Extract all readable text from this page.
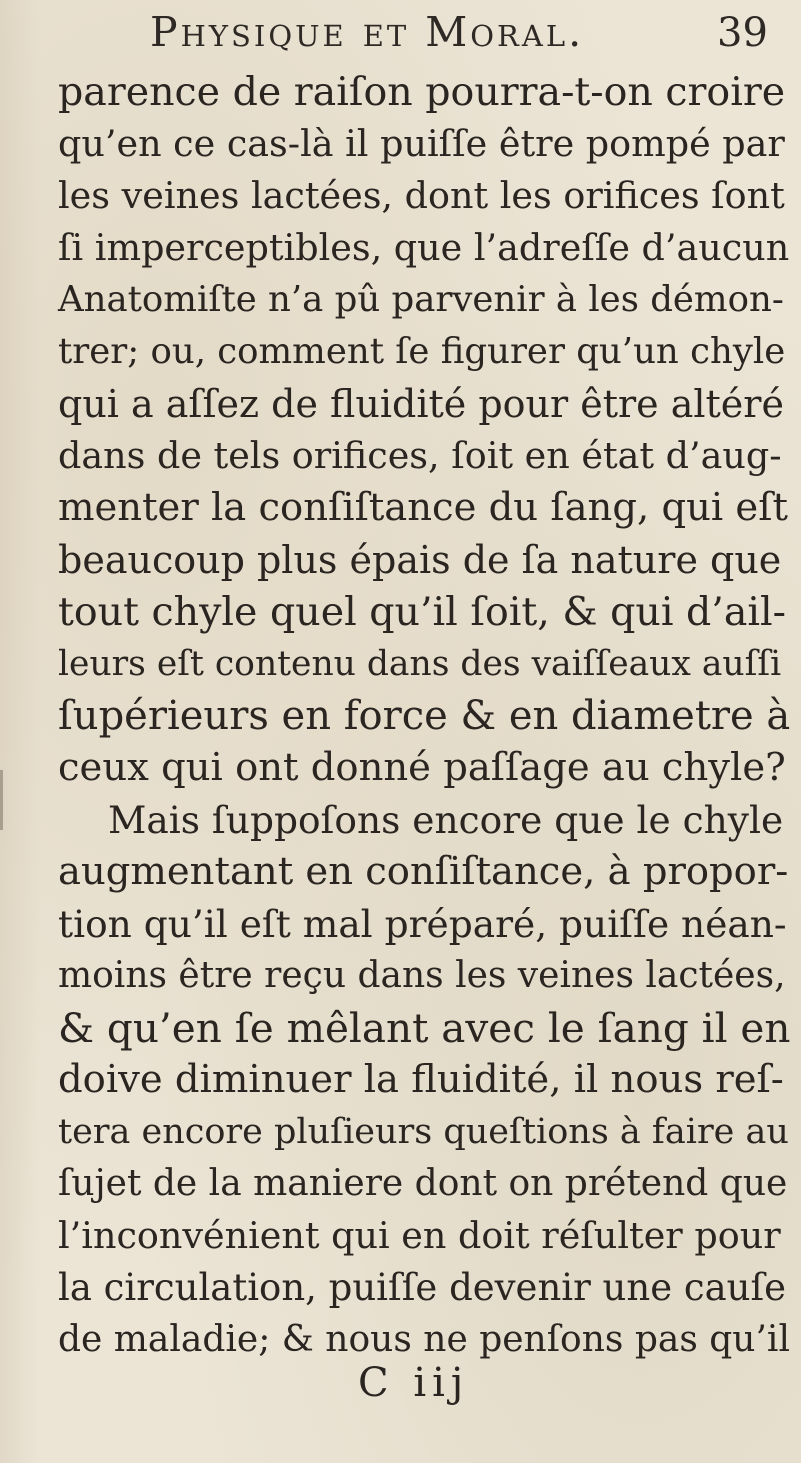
Physique et Moral.	39
parence de raiſon pourra-t-on croire
qu’en ce cas-là il puiſſe être pompé par
les veines lactées, dont les orifices ſont
ſi imperceptibles, que l’adreſſe d’aucun
Anatomiſte n’a pû parvenir à les démon-
trer; ou, comment ſe figurer qu’un chyle
qui a aſſez de fluidité pour être altéré
dans de tels orifices, ſoit en état d’aug-
menter la conſiſtance du ſang, qui eſt
beaucoup plus épais de ſa nature que
tout chyle quel qu’il ſoit, & qui d’ail-
leurs eſt contenu dans des vaiſſeaux auſſi
ſupérieurs en force & en diametre à
ceux qui ont donné paſſage au chyle?
Mais ſuppoſons encore que le chyle
augmentant en conſiſtance, à propor-
tion qu’il eſt mal préparé, puiſſe néan-
moins être reçu dans les veines lactées,
& qu’en ſe mêlant avec le ſang il en
doive diminuer la fluidité, il nous reſ-
tera encore pluſieurs queſtions à faire au
ſujet de la maniere dont on prétend que
l’inconvénient qui en doit réſulter pour
la circulation, puiſſe devenir une cauſe
de maladie; & nous ne penſons pas qu’il
C iij
